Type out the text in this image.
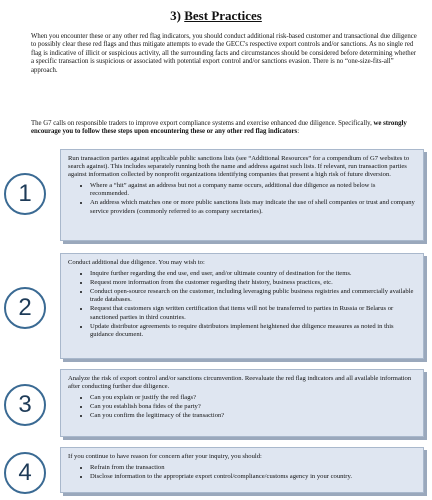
3) Best Practices
When you encounter these or any other red flag indicators, you should conduct additional risk-based customer and transactional due diligence to possibly clear these red flags and thus mitigate attempts to evade the GECC's respective export controls and/or sanctions. As no single red flag is indicative of illicit or suspicious activity, all the surrounding facts and circumstances should be considered before determining whether a specific transaction is suspicious or associated with potential export control and/or sanctions evasion. There is no “one-size-fits-all” approach.
The G7 calls on responsible traders to improve export compliance systems and exercise enhanced due diligence. Specifically, we strongly encourage you to follow these steps upon encountering these or any other red flag indicators:
1

Run transaction parties against applicable public sanctions lists (see “Additional Resources” for a compendium of G7 websites to search against). This includes separately running both the name and address against such lists. If relevant, run transaction parties against information collected by nonprofit organizations identifying companies that present a high risk of future diversion.

• Where a “hit” against an address but not a company name occurs, additional due diligence as noted below is recommended.
• An address which matches one or more public sanctions lists may indicate the use of shell companies or trust and company service providers (commonly referred to as company secretaries).
2

Conduct additional due diligence. You may wish to:

• Inquire further regarding the end use, end user, and/or ultimate country of destination for the items.
• Request more information from the customer regarding their history, business practices, etc.
• Conduct open-source research on the customer, including leveraging public business registries and commercially available trade databases.
• Request that customers sign written certification that items will not be transferred to parties in Russia or Belarus or sanctioned parties in third countries.
• Update distributor agreements to require distributors implement heightened due diligence measures as noted in this guidance document.
3

Analyze the risk of export control and/or sanctions circumvention. Reevaluate the red flag indicators and all available information after conducting further due diligence.

• Can you explain or justify the red flags?
• Can you establish bona fides of the party?
• Can you confirm the legitimacy of the transaction?
4

If you continue to have reason for concern after your inquiry, you should:

• Refrain from the transaction
• Disclose information to the appropriate export control/compliance/customs agency in your country.
